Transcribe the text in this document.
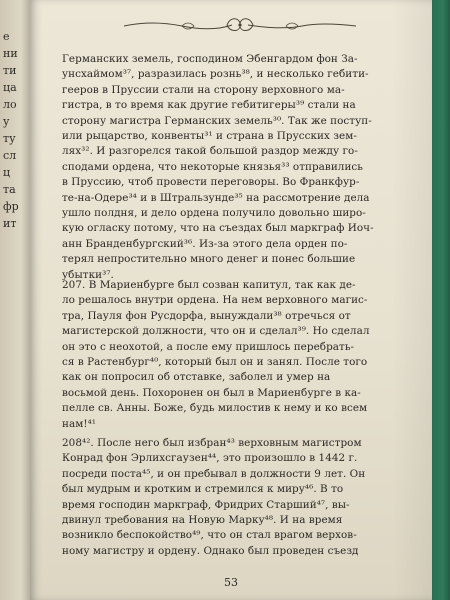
е
ни
ти
ца
ло
у
ту
сл
ц
та
фр
ит
Германских земель, господином Эбенгардом фон За-
унсхаймом³⁷, разразилась рознь³⁸, и несколько гебити-
гееров в Пруссии стали на сторону верховного ма-
гистра, в то время как другие гебитигеры³⁹ стали на
сторону магистра Германских земель³⁰. Так же поступ-
или рыцарство, конвенты³¹ и страна в Прусских зем-
лях³². И разгорелся такой большой раздор между го-
сподами ордена, что некоторые князья³³ отправились
в Пруссию, чтоб провести переговоры. Во Франкфур-
те-на-Одере³⁴ и в Штральзунде³⁵ на рассмотрение дела
ушло полдня, и дело ордена получило довольно широ-
кую огласку потому, что на съездах был маркграф Иоч-
анн Бранденбургский³⁶. Из-за этого дела орден по-
терял непростительно много денег и понес большие
убытки³⁷.
207. В Мариенбурге был созван капитул, так как де-
ло решалось внутри ордена. На нем верховного магис-
тра, Пауля фон Русдорфа, вынуждали³⁸ отречься от
магистерской должности, что он и сделал³⁹. Но сделал
он это с неохотой, а после ему пришлось перебрать-
ся в Растенбург⁴⁰, который был он и занял. После того
как он попросил об отставке, заболел и умер на
восьмой день. Похоронен он был в Мариенбурге в ка-
пелле св. Анны. Боже, будь милостив к нему и ко всем
нам!⁴¹
208⁴². После него был избран⁴³ верховным магистром
Конрад фон Эрлихсгаузен⁴⁴, это произошло в 1442 г.
посреди поста⁴⁵, и он пребывал в должности 9 лет. Он
был мудрым и кротким и стремился к миру⁴⁶. В то
время господин маркграф, Фридрих Старший⁴⁷, вы-
двинул требования на Новую Марку⁴⁸. И на время
возникло беспокойство⁴⁹, что он стал врагом верхов-
ному магистру и ордену. Однако был проведен съезд
53
